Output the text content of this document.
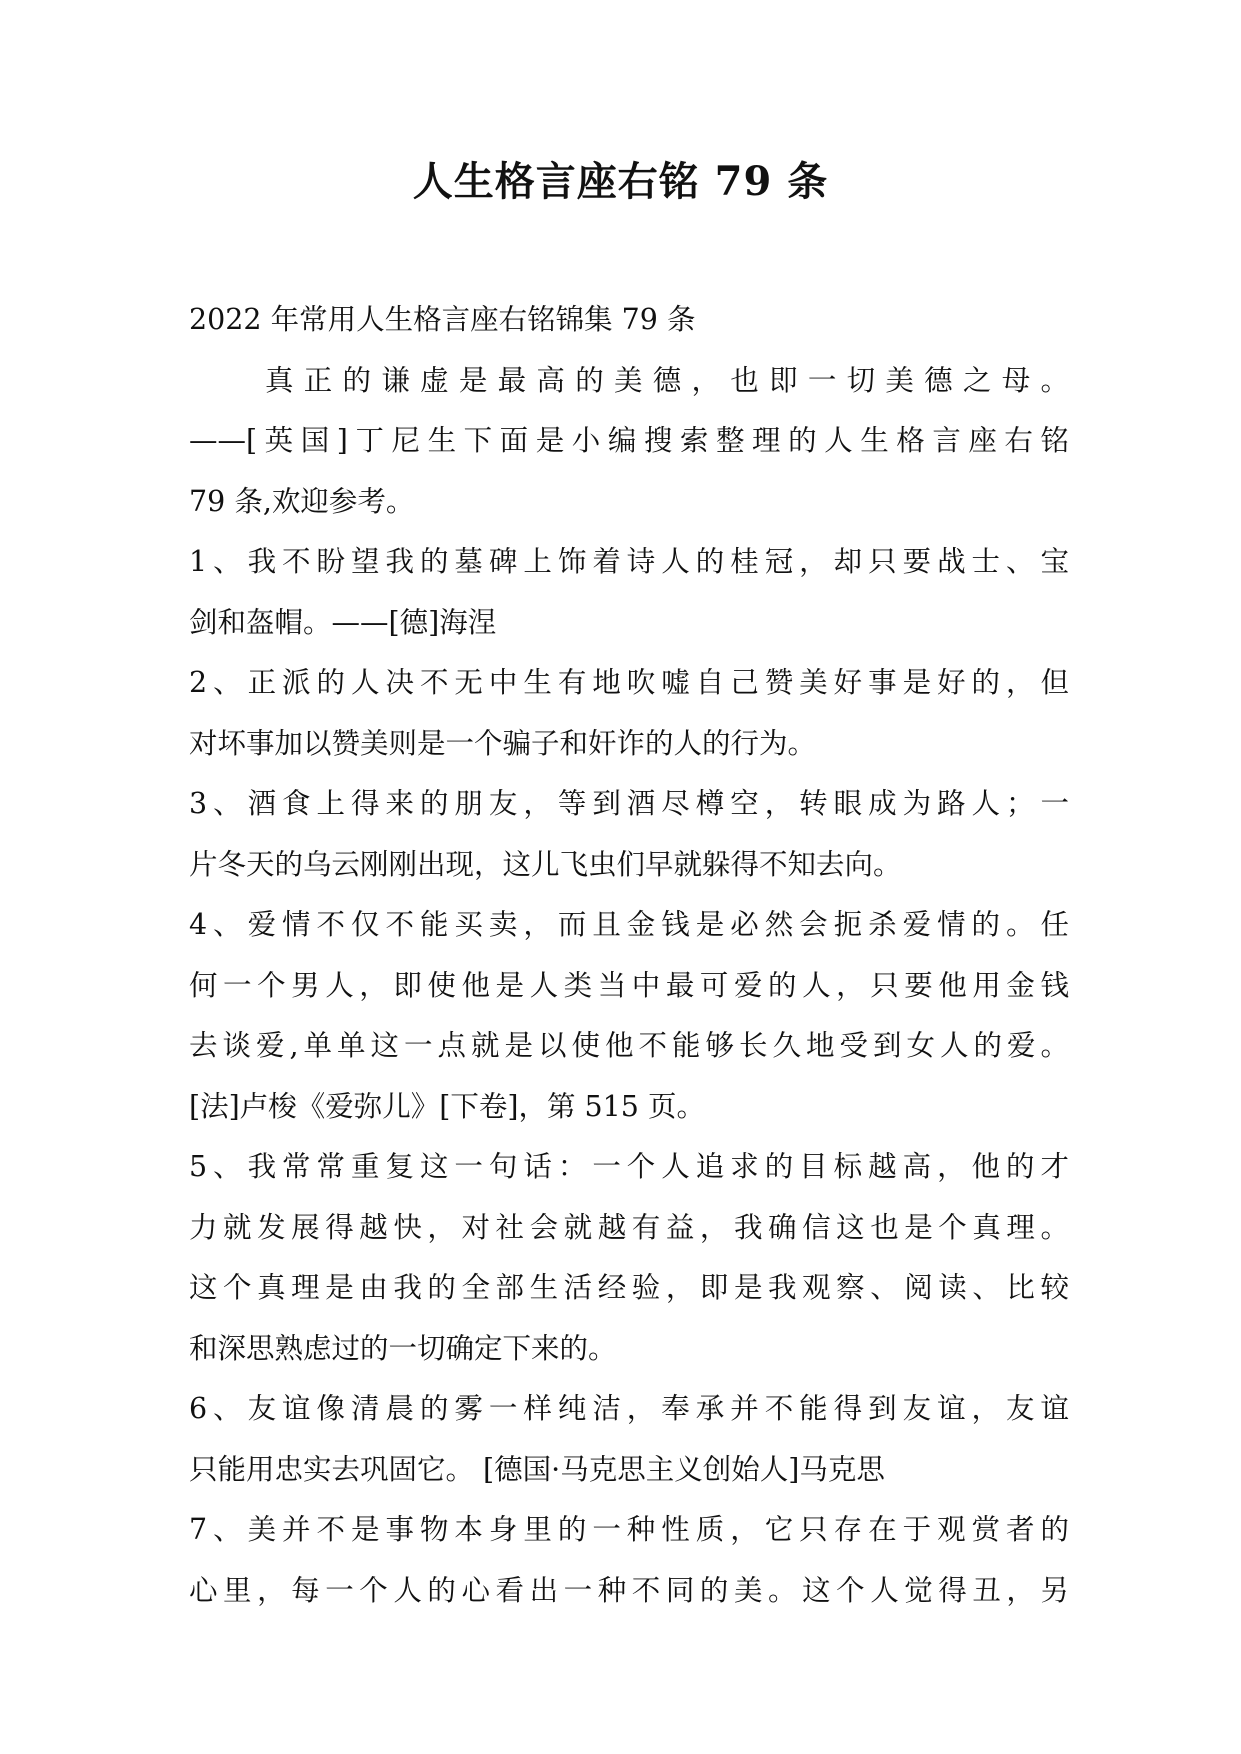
人生格言座右铭 79 条
2022 年常用人生格言座右铭锦集 79 条
真正的谦虚是最高的美德，也即一切美德之母。
——[英国]丁尼生下面是小编搜索整理的人生格言座右铭
79 条,欢迎参考。
1、我不盼望我的墓碑上饰着诗人的桂冠，却只要战士、宝
剑和盔帽。——[德]海涅
2、正派的人决不无中生有地吹嘘自己赞美好事是好的，但
对坏事加以赞美则是一个骗子和奸诈的人的行为。
3、酒食上得来的朋友，等到酒尽樽空，转眼成为路人；一
片冬天的乌云刚刚出现，这儿飞虫们早就躲得不知去向。
4、爱情不仅不能买卖，而且金钱是必然会扼杀爱情的。任
何一个男人，即使他是人类当中最可爱的人，只要他用金钱
去谈爱,单单这一点就是以使他不能够长久地受到女人的爱。
[法]卢梭《爱弥儿》[下卷]，第 515 页。
5、我常常重复这一句话：一个人追求的目标越高，他的才
力就发展得越快，对社会就越有益，我确信这也是个真理。
这个真理是由我的全部生活经验，即是我观察、阅读、比较
和深思熟虑过的一切确定下来的。
6、友谊像清晨的雾一样纯洁，奉承并不能得到友谊，友谊
只能用忠实去巩固它。 [德国·马克思主义创始人]马克思
7、美并不是事物本身里的一种性质，它只存在于观赏者的
心里，每一个人的心看出一种不同的美。这个人觉得丑，另
